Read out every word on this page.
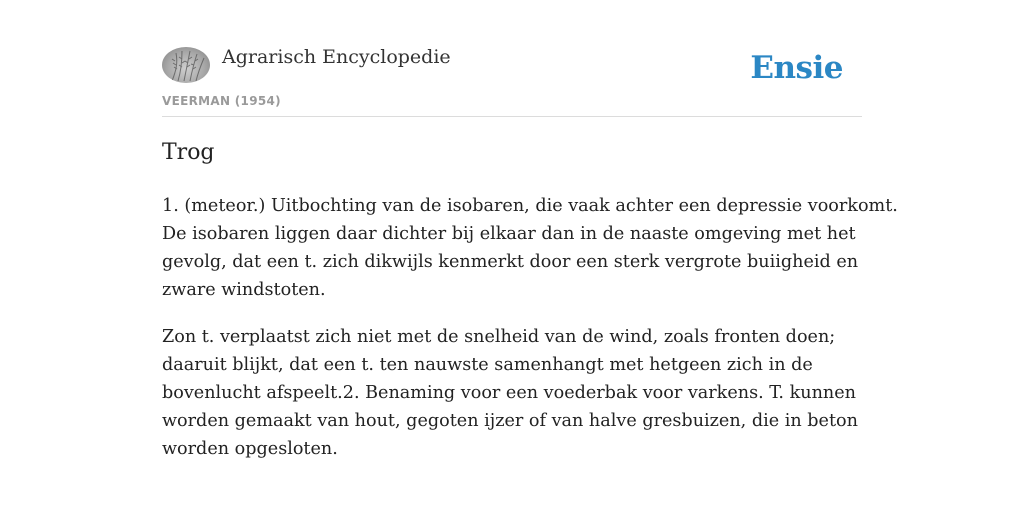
Agrarisch Encyclopedie
VEERMAN (1954)
Ensie
Trog

1. (meteor.) Uitbochting van de isobaren, die vaak achter een depressie voorkomt.
De isobaren liggen daar dichter bij elkaar dan in de naaste omgeving met het
gevolg, dat een t. zich dikwijls kenmerkt door een sterk vergrote buiigheid en
zware windstoten.

Zon t. verplaatst zich niet met de snelheid van de wind, zoals fronten doen;
daaruit blijkt, dat een t. ten nauwste samenhangt met hetgeen zich in de
bovenlucht afspeelt.2. Benaming voor een voederbak voor varkens. T. kunnen
worden gemaakt van hout, gegoten ijzer of van halve gresbuizen, die in beton
worden opgesloten.
